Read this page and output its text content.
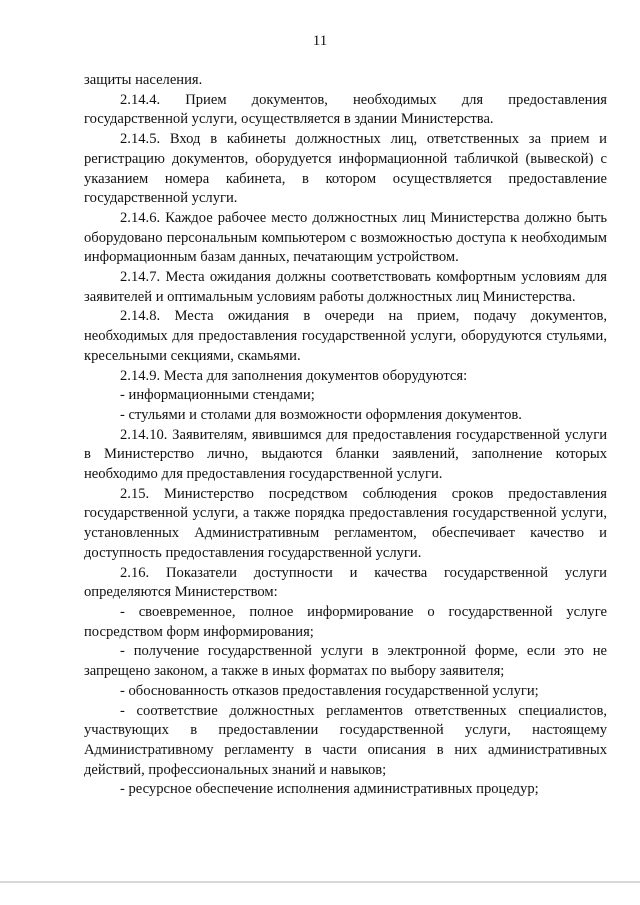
11

защиты населения.

2.14.4. Прием документов, необходимых для предоставления государственной услуги, осуществляется в здании Министерства.

2.14.5. Вход в кабинеты должностных лиц, ответственных за прием и регистрацию документов, оборудуется информационной табличкой (вывеской) с указанием номера кабинета, в котором осуществляется предоставление государственной услуги.

2.14.6. Каждое рабочее место должностных лиц Министерства должно быть оборудовано персональным компьютером с возможностью доступа к необходимым информационным базам данных, печатающим устройством.

2.14.7. Места ожидания должны соответствовать комфортным условиям для заявителей и оптимальным условиям работы должностных лиц Министерства.

2.14.8. Места ожидания в очереди на прием, подачу документов, необходимых для предоставления государственной услуги, оборудуются стульями, кресельными секциями, скамьями.

2.14.9. Места для заполнения документов оборудуются:

- информационными стендами;

- стульями и столами для возможности оформления документов.

2.14.10. Заявителям, явившимся для предоставления государственной услуги в Министерство лично, выдаются бланки заявлений, заполнение которых необходимо для предоставления государственной услуги.

2.15. Министерство посредством соблюдения сроков предоставления государственной услуги, а также порядка предоставления государственной услуги, установленных Административным регламентом, обеспечивает качество и доступность предоставления государственной услуги.

2.16. Показатели доступности и качества государственной услуги определяются Министерством:

- своевременное, полное информирование о государственной услуге посредством форм информирования;

- получение государственной услуги в электронной форме, если это не запрещено законом, а также в иных форматах по выбору заявителя;

- обоснованность отказов предоставления государственной услуги;

- соответствие должностных регламентов ответственных специалистов, участвующих в предоставлении государственной услуги, настоящему Административному регламенту в части описания в них административных действий, профессиональных знаний и навыков;

- ресурсное обеспечение исполнения административных процедур;
